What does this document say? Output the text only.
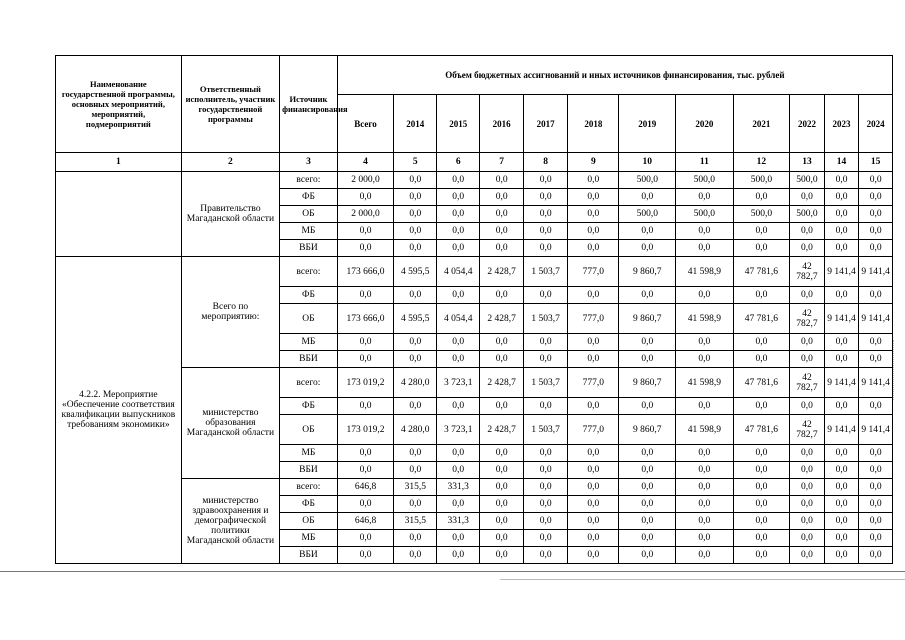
Наименование государственной программы, основных мероприятий, мероприятий, подмероприятий	Ответственный исполнитель, участник государственной программы	Источник финансирования	Объем бюджетных ассигнований и иных источников финансирования, тыс. рублей											
			Всего	2014	2015	2016	2017	2018	2019	2020	2021	2022	2023	2024
1	2	3	4	5	6	7	8	9	10	11	12	13	14	15
	Правительство Магаданской области	всего:	2 000,0	0,0	0,0	0,0	0,0	0,0	500,0	500,0	500,0	500,0	0,0	0,0
		ФБ	0,0	0,0	0,0	0,0	0,0	0,0	0,0	0,0	0,0	0,0	0,0	0,0
		ОБ	2 000,0	0,0	0,0	0,0	0,0	0,0	500,0	500,0	500,0	500,0	0,0	0,0
		МБ	0,0	0,0	0,0	0,0	0,0	0,0	0,0	0,0	0,0	0,0	0,0	0,0
		ВБИ	0,0	0,0	0,0	0,0	0,0	0,0	0,0	0,0	0,0	0,0	0,0	0,0
4.2.2. Мероприятие «Обеспечение соответствия квалификации выпускников требованиям экономики»	Всего по мероприятию:	всего:	173 666,0	4 595,5	4 054,4	2 428,7	1 503,7	777,0	9 860,7	41 598,9	47 781,6	42 782,7	9 141,4	9 141,4
		ФБ	0,0	0,0	0,0	0,0	0,0	0,0	0,0	0,0	0,0	0,0	0,0	0,0
		ОБ	173 666,0	4 595,5	4 054,4	2 428,7	1 503,7	777,0	9 860,7	41 598,9	47 781,6	42 782,7	9 141,4	9 141,4
		МБ	0,0	0,0	0,0	0,0	0,0	0,0	0,0	0,0	0,0	0,0	0,0	0,0
		ВБИ	0,0	0,0	0,0	0,0	0,0	0,0	0,0	0,0	0,0	0,0	0,0	0,0
	министерство образования Магаданской области	всего:	173 019,2	4 280,0	3 723,1	2 428,7	1 503,7	777,0	9 860,7	41 598,9	47 781,6	42 782,7	9 141,4	9 141,4
		ФБ	0,0	0,0	0,0	0,0	0,0	0,0	0,0	0,0	0,0	0,0	0,0	0,0
		ОБ	173 019,2	4 280,0	3 723,1	2 428,7	1 503,7	777,0	9 860,7	41 598,9	47 781,6	42 782,7	9 141,4	9 141,4
		МБ	0,0	0,0	0,0	0,0	0,0	0,0	0,0	0,0	0,0	0,0	0,0	0,0
		ВБИ	0,0	0,0	0,0	0,0	0,0	0,0	0,0	0,0	0,0	0,0	0,0	0,0
	министерство здравоохранения и демографической политики Магаданской области	всего:	646,8	315,5	331,3	0,0	0,0	0,0	0,0	0,0	0,0	0,0	0,0	0,0
		ФБ	0,0	0,0	0,0	0,0	0,0	0,0	0,0	0,0	0,0	0,0	0,0	0,0
		ОБ	646,8	315,5	331,3	0,0	0,0	0,0	0,0	0,0	0,0	0,0	0,0	0,0
		МБ	0,0	0,0	0,0	0,0	0,0	0,0	0,0	0,0	0,0	0,0	0,0	0,0
		ВБИ	0,0	0,0	0,0	0,0	0,0	0,0	0,0	0,0	0,0	0,0	0,0	0,0
